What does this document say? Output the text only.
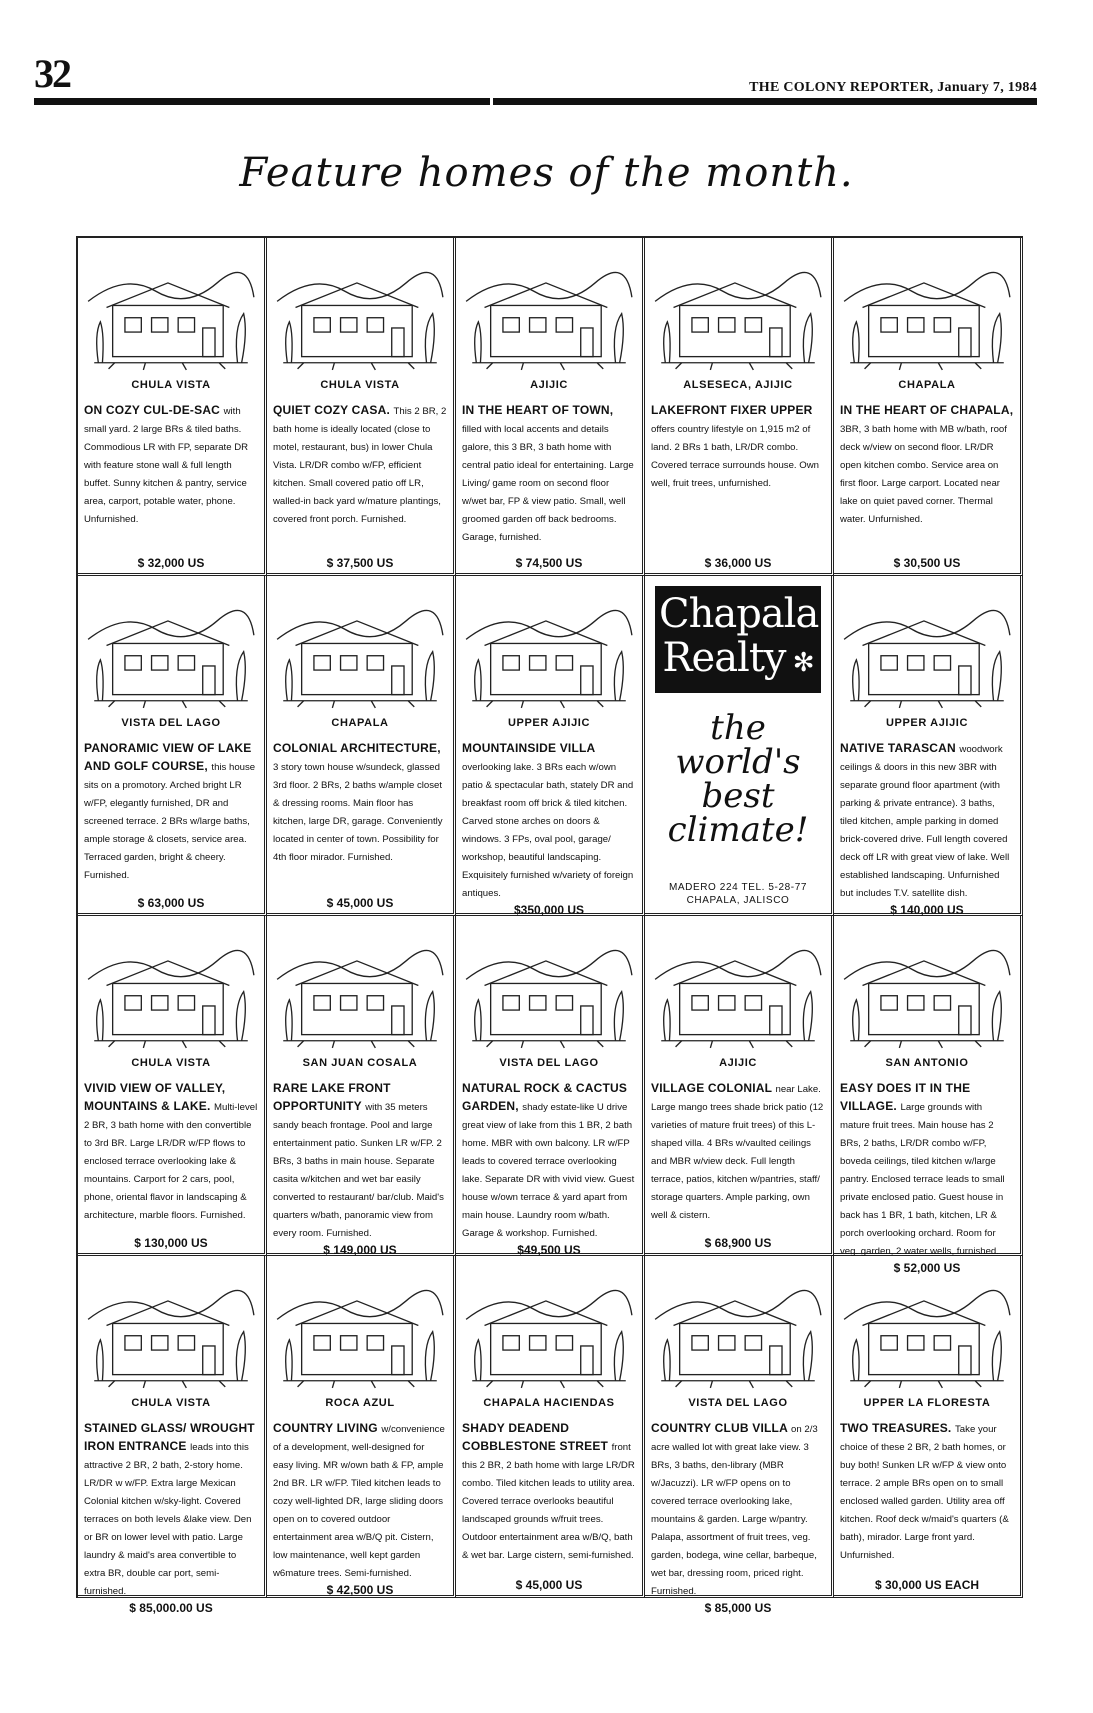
32	THE COLONY REPORTER, January 7, 1984
Feature homes of the month.
CHULA VISTA
ON COZY CUL-DE-SAC with small yard. 2 large BRs & tiled baths. Commodious LR with FP, separate DR with feature stone wall & full length buffet. Sunny kitchen & pantry, service area, carport, potable water, phone. Unfurnished.
$ 32,000 US
CHULA VISTA
QUIET COZY CASA. This 2 BR, 2 bath home is ideally located (close to motel, restaurant, bus) in lower Chula Vista. LR/DR combo w/FP, efficient kitchen. Small covered patio off LR, walled-in back yard w/mature plantings, covered front porch. Furnished.
$ 37,500 US
AJIJIC
IN THE HEART OF TOWN, filled with local accents and details galore, this 3 BR, 3 bath home with central patio ideal for entertaining. Large Living/ game room on second floor w/wet bar, FP & view patio. Small, well groomed garden off back bedrooms. Garage, furnished.
$ 74,500 US
ALSESECA, AJIJIC
LAKEFRONT FIXER UPPER offers country lifestyle on 1,915 m2 of land. 2 BRs 1 bath, LR/DR combo. Covered terrace surrounds house. Own well, fruit trees, unfurnished.
$ 36,000 US
CHAPALA
IN THE HEART OF CHAPALA, 3BR, 3 bath home with MB w/bath, roof deck w/view on second floor. LR/DR open kitchen combo. Service area on first floor. Large carport. Located near lake on quiet paved corner. Thermal water. Unfurnished.
$ 30,500 US
VISTA DEL LAGO
PANORAMIC VIEW OF LAKE AND GOLF COURSE, this house sits on a promotory. Arched bright LR w/FP, elegantly furnished, DR and screened terrace. 2 BRs w/large baths, ample storage & closets, service area. Terraced garden, bright & cheery. Furnished.
$ 63,000 US
CHAPALA
COLONIAL ARCHITECTURE, 3 story town house w/sundeck, glassed 3rd floor. 2 BRs, 2 baths w/ample closet & dressing rooms. Main floor has kitchen, large DR, garage. Conveniently located in center of town. Possibility for 4th floor mirador. Furnished.
$ 45,000 US
UPPER AJIJIC
MOUNTAINSIDE VILLA overlooking lake. 3 BRs each w/own patio & spectacular bath, stately DR and breakfast room off brick & tiled kitchen. Carved stone arches on doors & windows. 3 FPs, oval pool, garage/ workshop, beautiful landscaping. Exquisitely furnished w/variety of foreign antiques.
$350,000 US
Chapala
Realty ✻
the world's best climate!
MADERO 224 TEL. 5-28-77
CHAPALA, JALISCO
UPPER AJIJIC
NATIVE TARASCAN woodwork ceilings & doors in this new 3BR with separate ground floor apartment (with parking & private entrance). 3 baths, tiled kitchen, ample parking in domed brick-covered drive. Full length covered deck off LR with great view of lake. Well established landscaping. Unfurnished but includes T.V. satellite dish.
$ 140,000 US
CHULA VISTA
VIVID VIEW OF VALLEY, MOUNTAINS & LAKE. Multi-level 2 BR, 3 bath home with den convertible to 3rd BR. Large LR/DR w/FP flows to enclosed terrace overlooking lake & mountains. Carport for 2 cars, pool, phone, oriental flavor in landscaping & architecture, marble floors. Furnished.
$ 130,000 US
SAN JUAN COSALA
RARE LAKE FRONT OPPORTUNITY with 35 meters sandy beach frontage. Pool and large entertainment patio. Sunken LR w/FP. 2 BRs, 3 baths in main house. Separate casita w/kitchen and wet bar easily converted to restaurant/ bar/club. Maid's quarters w/bath, panoramic view from every room. Furnished.
$ 149,000 US
VISTA DEL LAGO
NATURAL ROCK & CACTUS GARDEN, shady estate-like U drive great view of lake from this 1 BR, 2 bath home. MBR with own balcony. LR w/FP leads to covered terrace overlooking lake. Separate DR with vivid view. Guest house w/own terrace & yard apart from main house. Laundry room w/bath. Garage & workshop. Furnished.
$49,500 US
AJIJIC
VILLAGE COLONIAL near Lake. Large mango trees shade brick patio (12 varieties of mature fruit trees) of this L-shaped villa. 4 BRs w/vaulted ceilings and MBR w/view deck. Full length terrace, patios, kitchen w/pantries, staff/ storage quarters. Ample parking, own well & cistern.
$ 68,900 US
SAN ANTONIO
EASY DOES IT IN THE VILLAGE. Large grounds with mature fruit trees. Main house has 2 BRs, 2 baths, LR/DR combo w/FP, boveda ceilings, tiled kitchen w/large pantry. Enclosed terrace leads to small private enclosed patio. Guest house in back has 1 BR, 1 bath, kitchen, LR & porch overlooking orchard. Room for veg. garden, 2 water wells, furnished.
$ 52,000 US
CHULA VISTA
STAINED GLASS/ WROUGHT IRON ENTRANCE leads into this attractive 2 BR, 2 bath, 2-story home. LR/DR w w/FP. Extra large Mexican Colonial kitchen w/sky-light. Covered terraces on both levels &lake view. Den or BR on lower level with patio. Large laundry & maid's area convertible to extra BR, double car port, semi-furnished.
$ 85,000.00 US
ROCA AZUL
COUNTRY LIVING w/convenience of a development, well-designed for easy living. MR w/own bath & FP, ample 2nd BR. LR w/FP. Tiled kitchen leads to cozy well-lighted DR, large sliding doors open on to covered outdoor entertainment area w/B/Q pit. Cistern, low maintenance, well kept garden w6mature trees. Semi-furnished.
$ 42,500 US
CHAPALA HACIENDAS
SHADY DEADEND COBBLESTONE STREET front this 2 BR, 2 bath home with large LR/DR combo. Tiled kitchen leads to utility area. Covered terrace overlooks beautiful landscaped grounds w/fruit trees. Outdoor entertainment area w/B/Q, bath & wet bar. Large cistern, semi-furnished.
$ 45,000 US
VISTA DEL LAGO
COUNTRY CLUB VILLA on 2/3 acre walled lot with great lake view. 3 BRs, 3 baths, den-library (MBR w/Jacuzzi). LR w/FP opens on to covered terrace overlooking lake, mountains & garden. Large w/pantry. Palapa, assortment of fruit trees, veg. garden, bodega, wine cellar, barbeque, wet bar, dressing room, priced right. Furnished.
$ 85,000 US
UPPER LA FLORESTA
TWO TREASURES. Take your choice of these 2 BR, 2 bath homes, or buy both! Sunken LR w/FP & view onto terrace. 2 ample BRs open on to small enclosed walled garden. Utility area off kitchen. Roof deck w/maid's quarters (& bath), mirador. Large front yard. Unfurnished.
$ 30,000 US EACH
